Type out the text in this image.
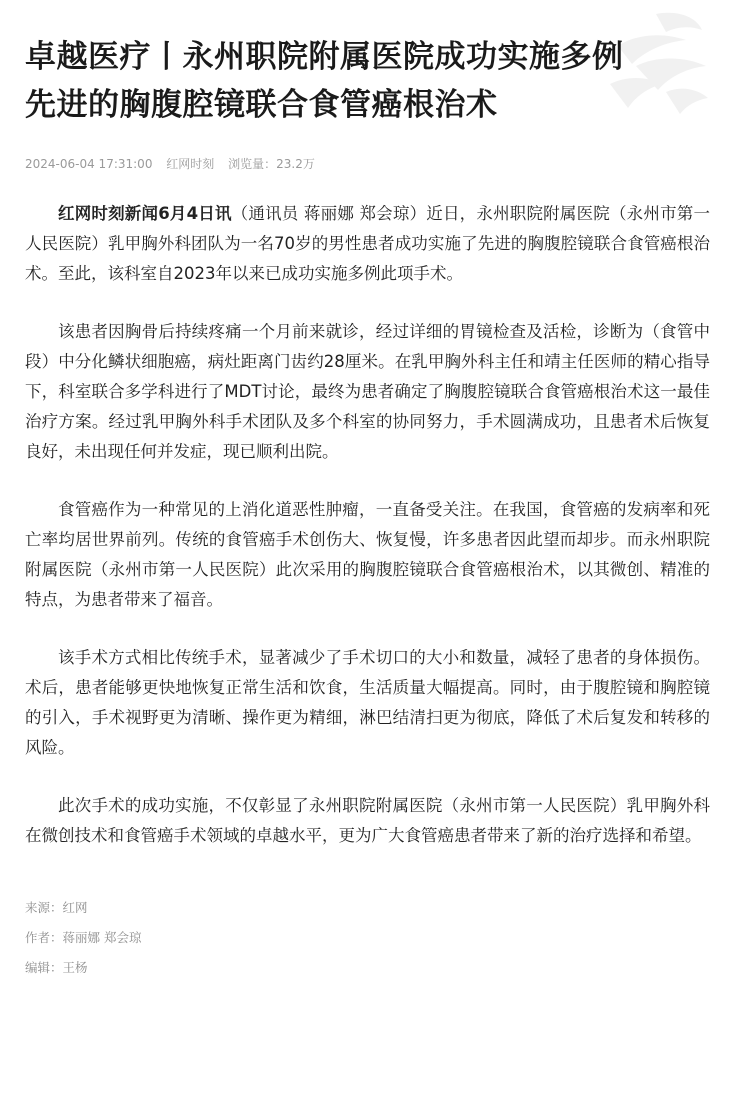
卓越医疗丨永州职院附属医院成功实施多例
先进的胸腹腔镜联合食管癌根治术
2024-06-04 17:31:00 红网时刻 浏览量：23.2万

红网时刻新闻6月4日讯（通讯员 蒋丽娜 郑会琼）近日，永州职院附属医院（永州市第一人民医院）乳甲胸外科团队为一名70岁的男性患者成功实施了先进的胸腹腔镜联合食管癌根治术。至此，该科室自2023年以来已成功实施多例此项手术。

该患者因胸骨后持续疼痛一个月前来就诊，经过详细的胃镜检查及活检，诊断为（食管中段）中分化鳞状细胞癌，病灶距离门齿约28厘米。在乳甲胸外科主任和靖主任医师的精心指导下，科室联合多学科进行了MDT讨论，最终为患者确定了胸腹腔镜联合食管癌根治术这一最佳治疗方案。经过乳甲胸外科手术团队及多个科室的协同努力，手术圆满成功，且患者术后恢复良好，未出现任何并发症，现已顺利出院。

食管癌作为一种常见的上消化道恶性肿瘤，一直备受关注。在我国，食管癌的发病率和死亡率均居世界前列。传统的食管癌手术创伤大、恢复慢，许多患者因此望而却步。而永州职院附属医院（永州市第一人民医院）此次采用的胸腹腔镜联合食管癌根治术，以其微创、精准的特点，为患者带来了福音。

该手术方式相比传统手术，显著减少了手术切口的大小和数量，减轻了患者的身体损伤。术后，患者能够更快地恢复正常生活和饮食，生活质量大幅提高。同时，由于腹腔镜和胸腔镜的引入，手术视野更为清晰、操作更为精细，淋巴结清扫更为彻底，降低了术后复发和转移的风险。

此次手术的成功实施，不仅彰显了永州职院附属医院（永州市第一人民医院）乳甲胸外科在微创技术和食管癌手术领域的卓越水平，更为广大食管癌患者带来了新的治疗选择和希望。

来源：红网
作者：蒋丽娜 郑会琼
编辑：王杨
